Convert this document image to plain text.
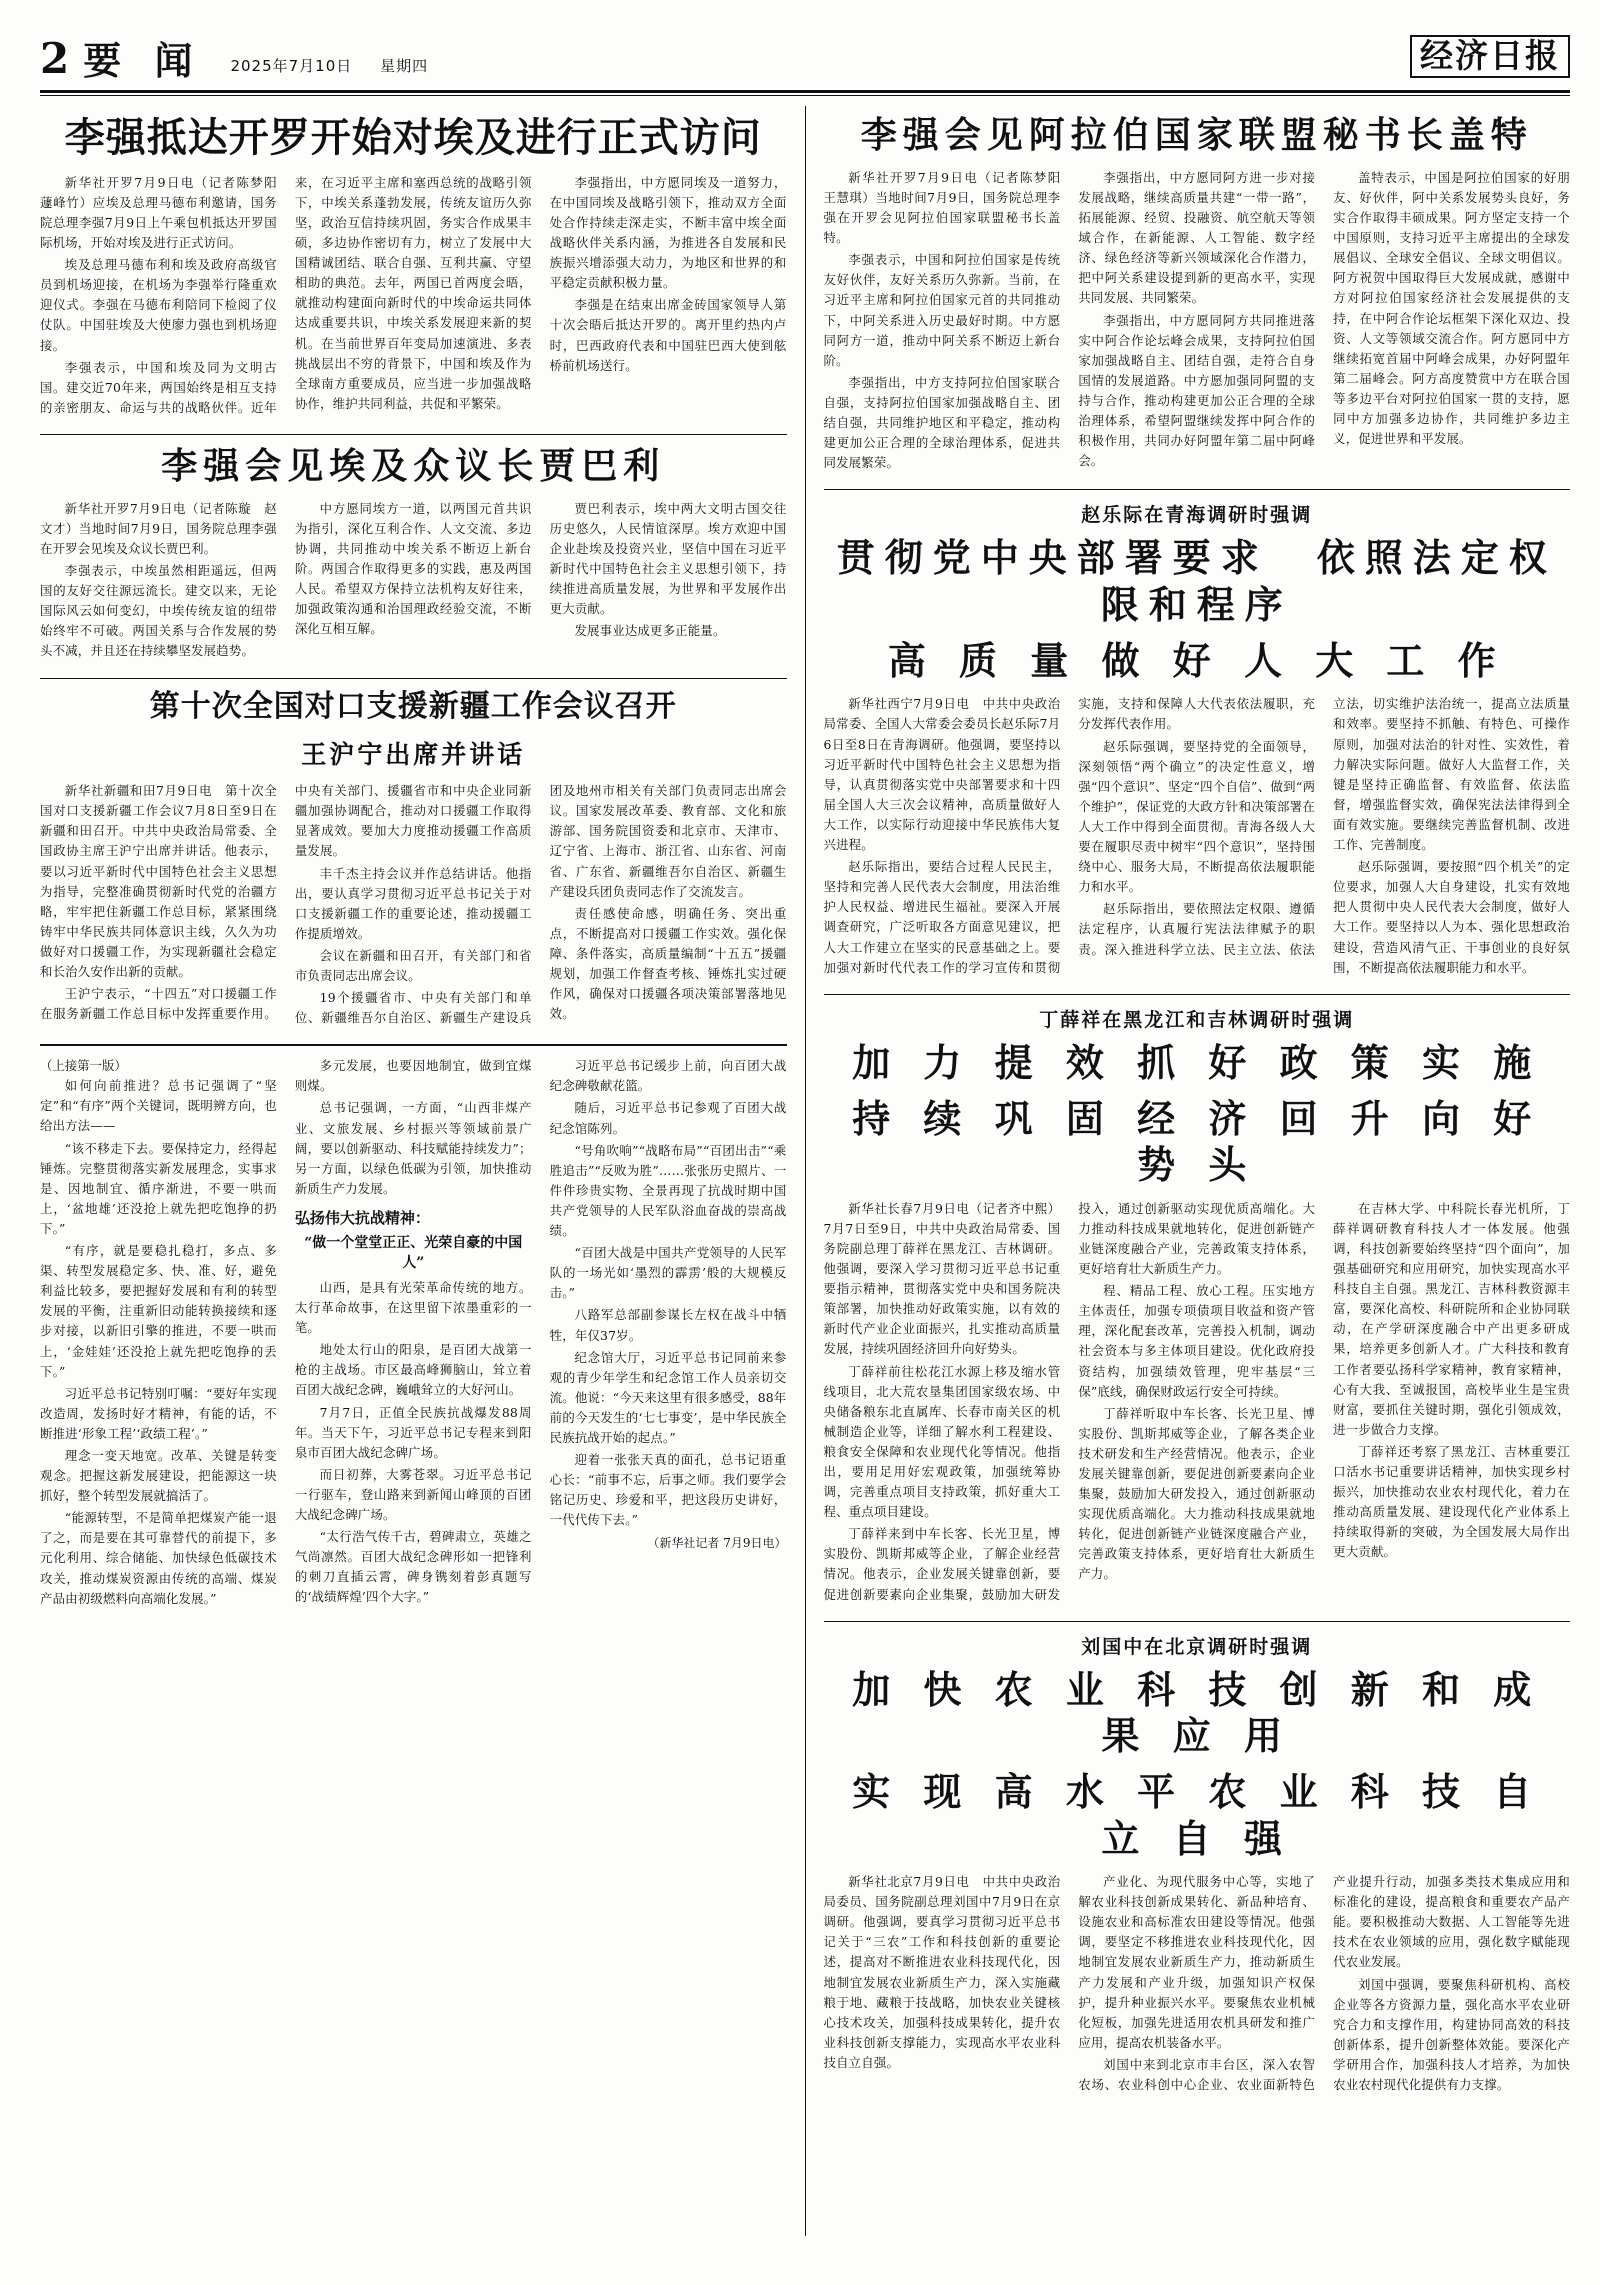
2 要 闻 2025年7月10日 星期四	经济日报
李强抵达开罗开始对埃及进行正式访问

新华社开罗7月9日电（记者陈梦阳　蘧峰竹）应埃及总理马德布利邀请，国务院总理李强7月9日上午乘包机抵达开罗国际机场，开始对埃及进行正式访问。

埃及总理马德布利和埃及政府高级官员到机场迎接，在机场为李强举行隆重欢迎仪式。李强在马德布利陪同下检阅了仪仗队。中国驻埃及大使廖力强也到机场迎接。

李强表示，中国和埃及同为文明古国。建交近70年来，两国始终是相互支持的亲密朋友、命运与共的战略伙伴。近年来，在习近平主席和塞西总统的战略引领下，中埃关系蓬勃发展，传统友谊历久弥坚，政治互信持续巩固，务实合作成果丰硕，多边协作密切有力，树立了发展中大国精诚团结、联合自强、互利共赢、守望相助的典范。去年，两国已首两度会晤，就推动构建面向新时代的中埃命运共同体达成重要共识，中埃关系发展迎来新的契机。在当前世界百年变局加速演进、多表挑战层出不穷的背景下，中国和埃及作为全球南方重要成员，应当进一步加强战略协作，维护共同利益，共促和平繁荣。

李强指出，中方愿同埃及一道努力，在中国同埃及战略引领下，推动双方全面处合作持续走深走实，不断丰富中埃全面战略伙伴关系内涵，为推进各自发展和民族振兴增添强大动力，为地区和世界的和平稳定贡献积极力量。

李强是在结束出席金砖国家领导人第十次会晤后抵达开罗的。离开里约热内卢时，巴西政府代表和中国驻巴西大使到舷桥前机场送行。

李强会见埃及众议长贾巴利

新华社开罗7月9日电（记者陈璇　赵文才）当地时间7月9日，国务院总理李强在开罗会见埃及众议长贾巴利。

李强表示，中埃虽然相距遥远，但两国的友好交往源远流长。建交以来，无论国际风云如何变幻，中埃传统友谊的纽带始终牢不可破。两国关系与合作发展的势头不减，并且还在持续攀坚发展趋势。

中方愿同埃方一道，以两国元首共识为指引，深化互利合作、人文交流、多边协调，共同推动中埃关系不断迈上新台阶。两国合作取得更多的实践，惠及两国人民。希望双方保持立法机构友好往来，加强政策沟通和治国理政经验交流，不断深化互相互解。

贾巴利表示，埃中两大文明古国交往历史悠久，人民情谊深厚。埃方欢迎中国企业赴埃及投资兴业，坚信中国在习近平新时代中国特色社会主义思想引领下，持续推进高质量发展，为世界和平发展作出更大贡献。

发展事业达成更多正能量。

第十次全国对口支援新疆工作会议召开
王沪宁出席并讲话

新华社新疆和田7月9日电　第十次全国对口支援新疆工作会议7月8日至9日在新疆和田召开。中共中央政治局常委、全国政协主席王沪宁出席并讲话。他表示，要以习近平新时代中国特色社会主义思想为指导，完整准确贯彻新时代党的治疆方略，牢牢把住新疆工作总目标，紧紧围绕铸牢中华民族共同体意识主线，久久为功做好对口援疆工作，为实现新疆社会稳定和长治久安作出新的贡献。

王沪宁表示，“十四五”对口援疆工作在服务新疆工作总目标中发挥重要作用。中央有关部门、援疆省市和中央企业同新疆加强协调配合，推动对口援疆工作取得显著成效。要加大力度推动援疆工作高质量发展。

丰千杰主持会议并作总结讲话。他指出，要认真学习贯彻习近平总书记关于对口支援新疆工作的重要论述，推动援疆工作提质增效。

会议在新疆和田召开，有关部门和省市负责同志出席会议。

19个援疆省市、中央有关部门和单位、新疆维吾尔自治区、新疆生产建设兵团及地州市相关有关部门负责同志出席会议。国家发展改革委、教育部、文化和旅游部、国务院国资委和北京市、天津市、辽宁省、上海市、浙江省、山东省、河南省、广东省、新疆维吾尔自治区、新疆生产建设兵团负责同志作了交流发言。

责任感使命感，明确任务、突出重点，不断提高对口援疆工作实效。强化保障、条件落实，高质量编制“十五五”援疆规划，加强工作督查考核、锤炼扎实过硬作风，确保对口援疆各项决策部署落地见效。

（上接第一版）

如何向前推进？总书记强调了“坚定”和“有序”两个关键词，既明辨方向，也给出方法——

“该不移走下去。要保持定力，经得起锤炼。完整贯彻落实新发展理念，实事求是、因地制宜、循序渐进，不要一哄而上，‘盆地雄’还没抢上就先把吃饱挣的扔下。”

“有序，就是要稳扎稳打，多点、多渠、转型发展稳定多、快、准、好，避免利益比较多，要把握好发展和有利的转型发展的平衡，注重新旧动能转换接续和逐步对接，以新旧引擎的推进，不要一哄而上，‘金娃娃’还没抢上就先把吃饱挣的丢下。”

习近平总书记特别叮嘱：“要好年实现改造周，发扬时好才精神，有能的话，不断推进‘形象工程’‘政绩工程’。”

理念一变天地宽。改革、关键是转变观念。把握这新发展建设，把能源这一块抓好，整个转型发展就搞活了。

“能源转型，不是简单把煤炭产能一退了之，而是要在其可靠替代的前提下，多元化利用、综合储能、加快绿色低碳技术攻关，推动煤炭资源由传统的高端、煤炭产品由初级燃料向高端化发展。”

多元发展，也要因地制宜，做到宜煤则煤。

总书记强调，一方面，“山西非煤产业、文旅发展、乡村振兴等领域前景广阔，要以创新驱动、科技赋能持续发力”；另一方面，以绿色低碳为引领，加快推动新质生产力发展。

弘扬伟大抗战精神：
“做一个堂堂正正、光荣自豪的中国人”

山西，是具有光荣革命传统的地方。太行革命故事，在这里留下浓墨重彩的一笔。

地处太行山的阳泉，是百团大战第一枪的主战场。市区最高峰狮脑山，耸立着百团大战纪念碑，巍峨耸立的大好河山。

7月7日，正值全民族抗战爆发88周年。当天下午，习近平总书记专程来到阳泉市百团大战纪念碑广场。

而日初葬，大雾苍翠。习近平总书记一行驱车，登山路来到新闻山峰顶的百团大战纪念碑广场。

“太行浩气传千古，碧碑肃立，英雄之气尚凛然。百团大战纪念碑形如一把锋利的刺刀直插云霄，碑身镌刻着彭真题写的‘战绩辉煌’四个大字。”

习近平总书记缓步上前，向百团大战纪念碑敬献花篮。

随后，习近平总书记参观了百团大战纪念馆陈列。

“号角吹响”“战略布局”“百团出击”“乘胜追击”“反败为胜”……张张历史照片、一件件珍贵实物、全景再现了抗战时期中国共产党领导的人民军队浴血奋战的崇高战绩。

“百团大战是中国共产党领导的人民军队的一场光如‘墨烈的霹雳’般的大规模反击。”

八路军总部副参谋长左权在战斗中牺牲，年仅37岁。

纪念馆大厅，习近平总书记同前来参观的青少年学生和纪念馆工作人员亲切交流。他说：“今天来这里有很多感受，88年前的今天发生的‘七七事变’，是中华民族全民族抗战开始的起点。”

迎着一张张天真的面孔，总书记语重心长：“前事不忘，后事之师。我们要学会铭记历史、珍爱和平，把这段历史讲好，一代代传下去。”

（新华社记者 7月9日电）

李强会见阿拉伯国家联盟秘书长盖特

新华社开罗7月9日电（记者陈梦阳　王慧琪）当地时间7月9日，国务院总理李强在开罗会见阿拉伯国家联盟秘书长盖特。

李强表示，中国和阿拉伯国家是传统友好伙伴，友好关系历久弥新。当前，在习近平主席和阿拉伯国家元首的共同推动下，中阿关系进入历史最好时期。中方愿同阿方一道，推动中阿关系不断迈上新台阶。

李强指出，中方支持阿拉伯国家联合自强，支持阿拉伯国家加强战略自主、团结自强，共同维护地区和平稳定，推动构建更加公正合理的全球治理体系，促进共同发展繁荣。

李强指出，中方愿同阿方进一步对接发展战略，继续高质量共建“一带一路”，拓展能源、经贸、投融资、航空航天等领域合作，在新能源、人工智能、数字经济、绿色经济等新兴领域深化合作潜力，把中阿关系建设提到新的更高水平，实现共同发展、共同繁荣。

李强指出，中方愿同阿方共同推进落实中阿合作论坛峰会成果，支持阿拉伯国家加强战略自主、团结自强，走符合自身国情的发展道路。中方愿加强同阿盟的支持与合作，推动构建更加公正合理的全球治理体系，希望阿盟继续发挥中阿合作的积极作用，共同办好阿盟年第二届中阿峰会。

盖特表示，中国是阿拉伯国家的好朋友、好伙伴，阿中关系发展势头良好，务实合作取得丰硕成果。阿方坚定支持一个中国原则，支持习近平主席提出的全球发展倡议、全球安全倡议、全球文明倡议。阿方祝贺中国取得巨大发展成就，感谢中方对阿拉伯国家经济社会发展提供的支持，在中阿合作论坛框架下深化双边、投资、人文等领域交流合作。阿方愿同中方继续拓宽首届中阿峰会成果，办好阿盟年第二届峰会。阿方高度赞赏中方在联合国等多边平台对阿拉伯国家一贯的支持，愿同中方加强多边协作，共同维护多边主义，促进世界和平发展。

赵乐际在青海调研时强调
贯彻党中央部署要求　依照法定权限和程序
高 质 量 做 好 人 大 工 作

新华社西宁7月9日电　中共中央政治局常委、全国人大常委会委员长赵乐际7月6日至8日在青海调研。他强调，要坚持以习近平新时代中国特色社会主义思想为指导，认真贯彻落实党中央部署要求和十四届全国人大三次会议精神，高质量做好人大工作，以实际行动迎接中华民族伟大复兴进程。

赵乐际指出，要结合过程人民民主，坚持和完善人民代表大会制度，用法治维护人民权益、增进民生福祉。要深入开展调查研究，广泛听取各方面意见建议，把人大工作建立在坚实的民意基础之上。要加强对新时代代表工作的学习宣传和贯彻实施，支持和保障人大代表依法履职，充分发挥代表作用。

赵乐际强调，要坚持党的全面领导，深刻领悟“两个确立”的决定性意义，增强“四个意识”、坚定“四个自信”、做到“两个维护”，保证党的大政方针和决策部署在人大工作中得到全面贯彻。青海各级人大要在履职尽责中树牢“四个意识”，坚持围绕中心、服务大局，不断提高依法履职能力和水平。

赵乐际指出，要依照法定权限、遵循法定程序，认真履行宪法法律赋予的职责。深入推进科学立法、民主立法、依法立法，切实维护法治统一，提高立法质量和效率。要坚持不抓触、有特色、可操作原则，加强对法治的针对性、实效性，着力解决实际问题。做好人大监督工作，关键是坚持正确监督、有效监督、依法监督，增强监督实效，确保宪法法律得到全面有效实施。要继续完善监督机制、改进工作、完善制度。

赵乐际强调，要按照“四个机关”的定位要求，加强人大自身建设，扎实有效地把人贯彻中央人民代表大会制度，做好人大工作。要坚持以人为本、强化思想政治建设，营造风清气正、干事创业的良好氛围，不断提高依法履职能力和水平。

丁薛祥在黑龙江和吉林调研时强调
加 力 提 效 抓 好 政 策 实 施
持 续 巩 固 经 济 回 升 向 好 势 头

新华社长春7月9日电（记者齐中熙）7月7日至9日，中共中央政治局常委、国务院副总理丁薛祥在黑龙江、吉林调研。他强调，要深入学习贯彻习近平总书记重要指示精神，贯彻落实党中央和国务院决策部署，加快推动好政策实施，以有效的新时代产业企业面振兴，扎实推动高质量发展，持续巩固经济回升向好势头。

丁薛祥前往松花江水源上移及缩水管线项目，北大荒农垦集团国家级农场、中央储备粮东北直属库、长春市南关区的机械制造企业等，详细了解水利工程建设、粮食安全保障和农业现代化等情况。他指出，要用足用好宏观政策，加强统筹协调，完善重点项目支持政策，抓好重大工程、重点项目建设。

丁薛祥来到中车长客、长光卫星，博实股份、凯斯邦威等企业，了解企业经营情况。他表示，企业发展关键靠创新，要促进创新要素向企业集聚，鼓励加大研发投入，通过创新驱动实现优质高端化。大力推动科技成果就地转化，促进创新链产业链深度融合产业，完善政策支持体系，更好培育壮大新质生产力。

程、精品工程、放心工程。压实地方主体责任，加强专项债项目收益和资产管理，深化配套改革，完善投入机制，调动社会资本与多主体项目建设。优化政府投资结构，加强绩效管理，兜牢基层“三保”底线，确保财政运行安全可持续。

丁薛祥听取中车长客、长光卫星、博实股份、凯斯邦威等企业，了解各类企业技术研发和生产经营情况。他表示，企业发展关键靠创新，要促进创新要素向企业集聚，鼓励加大研发投入，通过创新驱动实现优质高端化。大力推动科技成果就地转化，促进创新链产业链深度融合产业，完善政策支持体系，更好培育壮大新质生产力。

在吉林大学、中科院长春光机所，丁薛祥调研教育科技人才一体发展。他强调，科技创新要始终坚持“四个面向”，加强基础研究和应用研究，加快实现高水平科技自主自强。黑龙江、吉林科教资源丰富，要深化高校、科研院所和企业协同联动，在产学研深度融合中产出更多研成果，培养更多创新人才。广大科技和教育工作者要弘扬科学家精神，教育家精神，心有大我、至诚报国，高校毕业生是宝贵财富，要抓住关键时期，强化引领成效，进一步做合力支撑。

丁薛祥还考察了黑龙江、吉林重要江口活水书记重要讲话精神，加快实现乡村振兴，加快推动农业农村现代化，着力在推动高质量发展、建设现代化产业体系上持续取得新的突破，为全国发展大局作出更大贡献。

刘国中在北京调研时强调
加 快 农 业 科 技 创 新 和 成 果 应 用
实 现 高 水 平 农 业 科 技 自 立 自 强

新华社北京7月9日电　中共中央政治局委员、国务院副总理刘国中7月9日在京调研。他强调，要真学习贯彻习近平总书记关于“三农”工作和科技创新的重要论述，提高对不断推进农业科技现代化，因地制宜发展农业新质生产力，深入实施藏粮于地、藏粮于技战略，加快农业关键核心技术攻关，加强科技成果转化，提升农业科技创新支撑能力，实现高水平农业科技自立自强。

产业化、为现代服务中心等，实地了解农业科技创新成果转化、新品种培育、设施农业和高标准农田建设等情况。他强调，要坚定不移推进农业科技现代化，因地制宜发展农业新质生产力，推动新质生产力发展和产业升级，加强知识产权保护，提升种业振兴水平。要聚焦农业机械化短板，加强先进适用农机具研发和推广应用，提高农机装备水平。

刘国中来到北京市丰台区，深入农智农场、农业科创中心企业、农业面新特色产业提升行动，加强多类技术集成应用和标准化的建设，提高粮食和重要农产品产能。要积极推动大数据、人工智能等先进技术在农业领域的应用，强化数字赋能现代农业发展。

刘国中强调，要聚焦科研机构、高校企业等各方资源力量，强化高水平农业研究合力和支撑作用，构建协同高效的科技创新体系，提升创新整体效能。要深化产学研用合作，加强科技人才培养，为加快农业农村现代化提供有力支撑。
